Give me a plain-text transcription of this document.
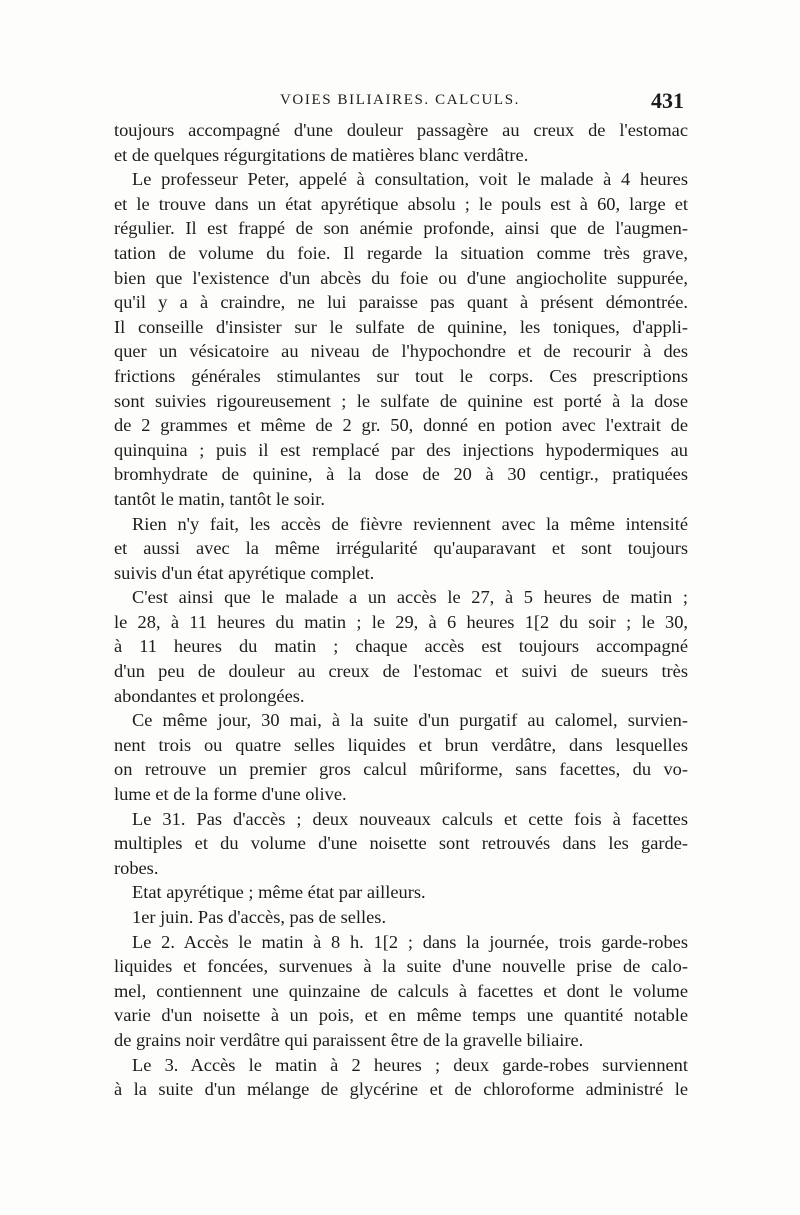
VOIES BILIAIRES. CALCULS.	431
toujours accompagné d'une douleur passagère au creux de l'estomac
et de quelques régurgitations de matières blanc verdâtre.
Le professeur Peter, appelé à consultation, voit le malade à 4 heures
et le trouve dans un état apyrétique absolu ; le pouls est à 60, large et
régulier. Il est frappé de son anémie profonde, ainsi que de l'augmen-
tation de volume du foie. Il regarde la situation comme très grave,
bien que l'existence d'un abcès du foie ou d'une angiocholite suppurée,
qu'il y a à craindre, ne lui paraisse pas quant à présent démontrée.
Il conseille d'insister sur le sulfate de quinine, les toniques, d'appli-
quer un vésicatoire au niveau de l'hypochondre et de recourir à des
frictions générales stimulantes sur tout le corps. Ces prescriptions
sont suivies rigoureusement ; le sulfate de quinine est porté à la dose
de 2 grammes et même de 2 gr. 50, donné en potion avec l'extrait de
quinquina ; puis il est remplacé par des injections hypodermiques au
bromhydrate de quinine, à la dose de 20 à 30 centigr., pratiquées
tantôt le matin, tantôt le soir.
Rien n'y fait, les accès de fièvre reviennent avec la même intensité
et aussi avec la même irrégularité qu'auparavant et sont toujours
suivis d'un état apyrétique complet.
C'est ainsi que le malade a un accès le 27, à 5 heures de matin ;
le 28, à 11 heures du matin ; le 29, à 6 heures 1[2 du soir ; le 30,
à 11 heures du matin ; chaque accès est toujours accompagné
d'un peu de douleur au creux de l'estomac et suivi de sueurs très
abondantes et prolongées.
Ce même jour, 30 mai, à la suite d'un purgatif au calomel, survien-
nent trois ou quatre selles liquides et brun verdâtre, dans lesquelles
on retrouve un premier gros calcul mûriforme, sans facettes, du vo-
lume et de la forme d'une olive.
Le 31. Pas d'accès ; deux nouveaux calculs et cette fois à facettes
multiples et du volume d'une noisette sont retrouvés dans les garde-
robes.
Etat apyrétique ; même état par ailleurs.
1er juin. Pas d'accès, pas de selles.
Le 2. Accès le matin à 8 h. 1[2 ; dans la journée, trois garde-robes
liquides et foncées, survenues à la suite d'une nouvelle prise de calo-
mel, contiennent une quinzaine de calculs à facettes et dont le volume
varie d'un noisette à un pois, et en même temps une quantité notable
de grains noir verdâtre qui paraissent être de la gravelle biliaire.
Le 3. Accès le matin à 2 heures ; deux garde-robes surviennent
à la suite d'un mélange de glycérine et de chloroforme administré le
